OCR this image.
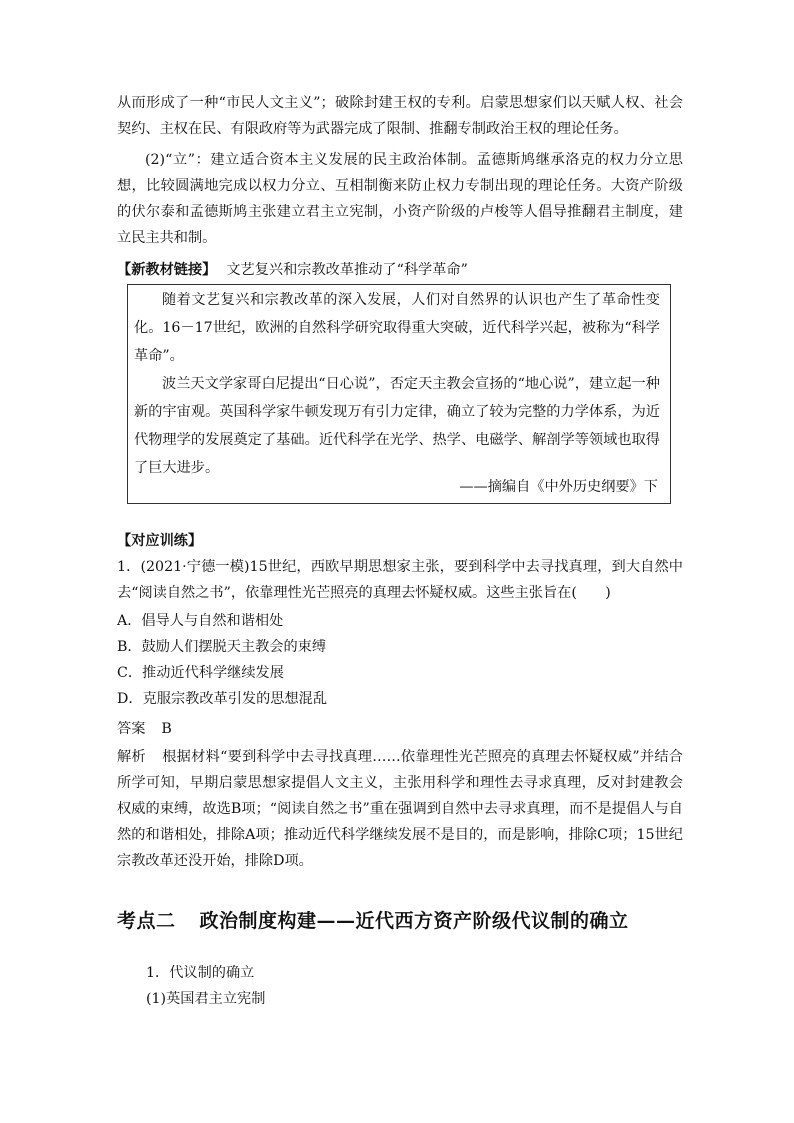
从而形成了一种“市民人文主义”；破除封建王权的专利。启蒙思想家们以天赋人权、社会契约、主权在民、有限政府等为武器完成了限制、推翻专制政治王权的理论任务。

(2)“立”：建立适合资本主义发展的民主政治体制。孟德斯鸠继承洛克的权力分立思想，比较圆满地完成以权力分立、互相制衡来防止权力专制出现的理论任务。大资产阶级的伏尔泰和孟德斯鸠主张建立君主立宪制，小资产阶级的卢梭等人倡导推翻君主制度，建立民主共和制。

【新教材链接】 文艺复兴和宗教改革推动了“科学革命”

随着文艺复兴和宗教改革的深入发展，人们对自然界的认识也产生了革命性变化。16－17世纪，欧洲的自然科学研究取得重大突破，近代科学兴起，被称为“科学革命”。

波兰天文学家哥白尼提出“日心说”，否定天主教会宣扬的“地心说”，建立起一种新的宇宙观。英国科学家牛顿发现万有引力定律，确立了较为完整的力学体系，为近代物理学的发展奠定了基础。近代科学在光学、热学、电磁学、解剖学等领域也取得了巨大进步。

——摘编自《中外历史纲要》下
【对应训练】

1．(2021·宁德一模)15世纪，西欧早期思想家主张，要到科学中去寻找真理，到大自然中去“阅读自然之书”，依靠理性光芒照亮的真理去怀疑权威。这些主张旨在(　　)

A．倡导人与自然和谐相处
B．鼓励人们摆脱天主教会的束缚
C．推动近代科学继续发展
D．克服宗教改革引发的思想混乱
答案 B

解析 根据材料“要到科学中去寻找真理……依靠理性光芒照亮的真理去怀疑权威”并结合所学可知，早期启蒙思想家提倡人文主义，主张用科学和理性去寻求真理，反对封建教会权威的束缚，故选B项；“阅读自然之书”重在强调到自然中去寻求真理，而不是提倡人与自然的和谐相处，排除A项；推动近代科学继续发展不是目的，而是影响，排除C项；15世纪宗教改革还没开始，排除D项。

考点二 政治制度构建——近代西方资产阶级代议制的确立
1．代议制的确立
(1)英国君主立宪制
